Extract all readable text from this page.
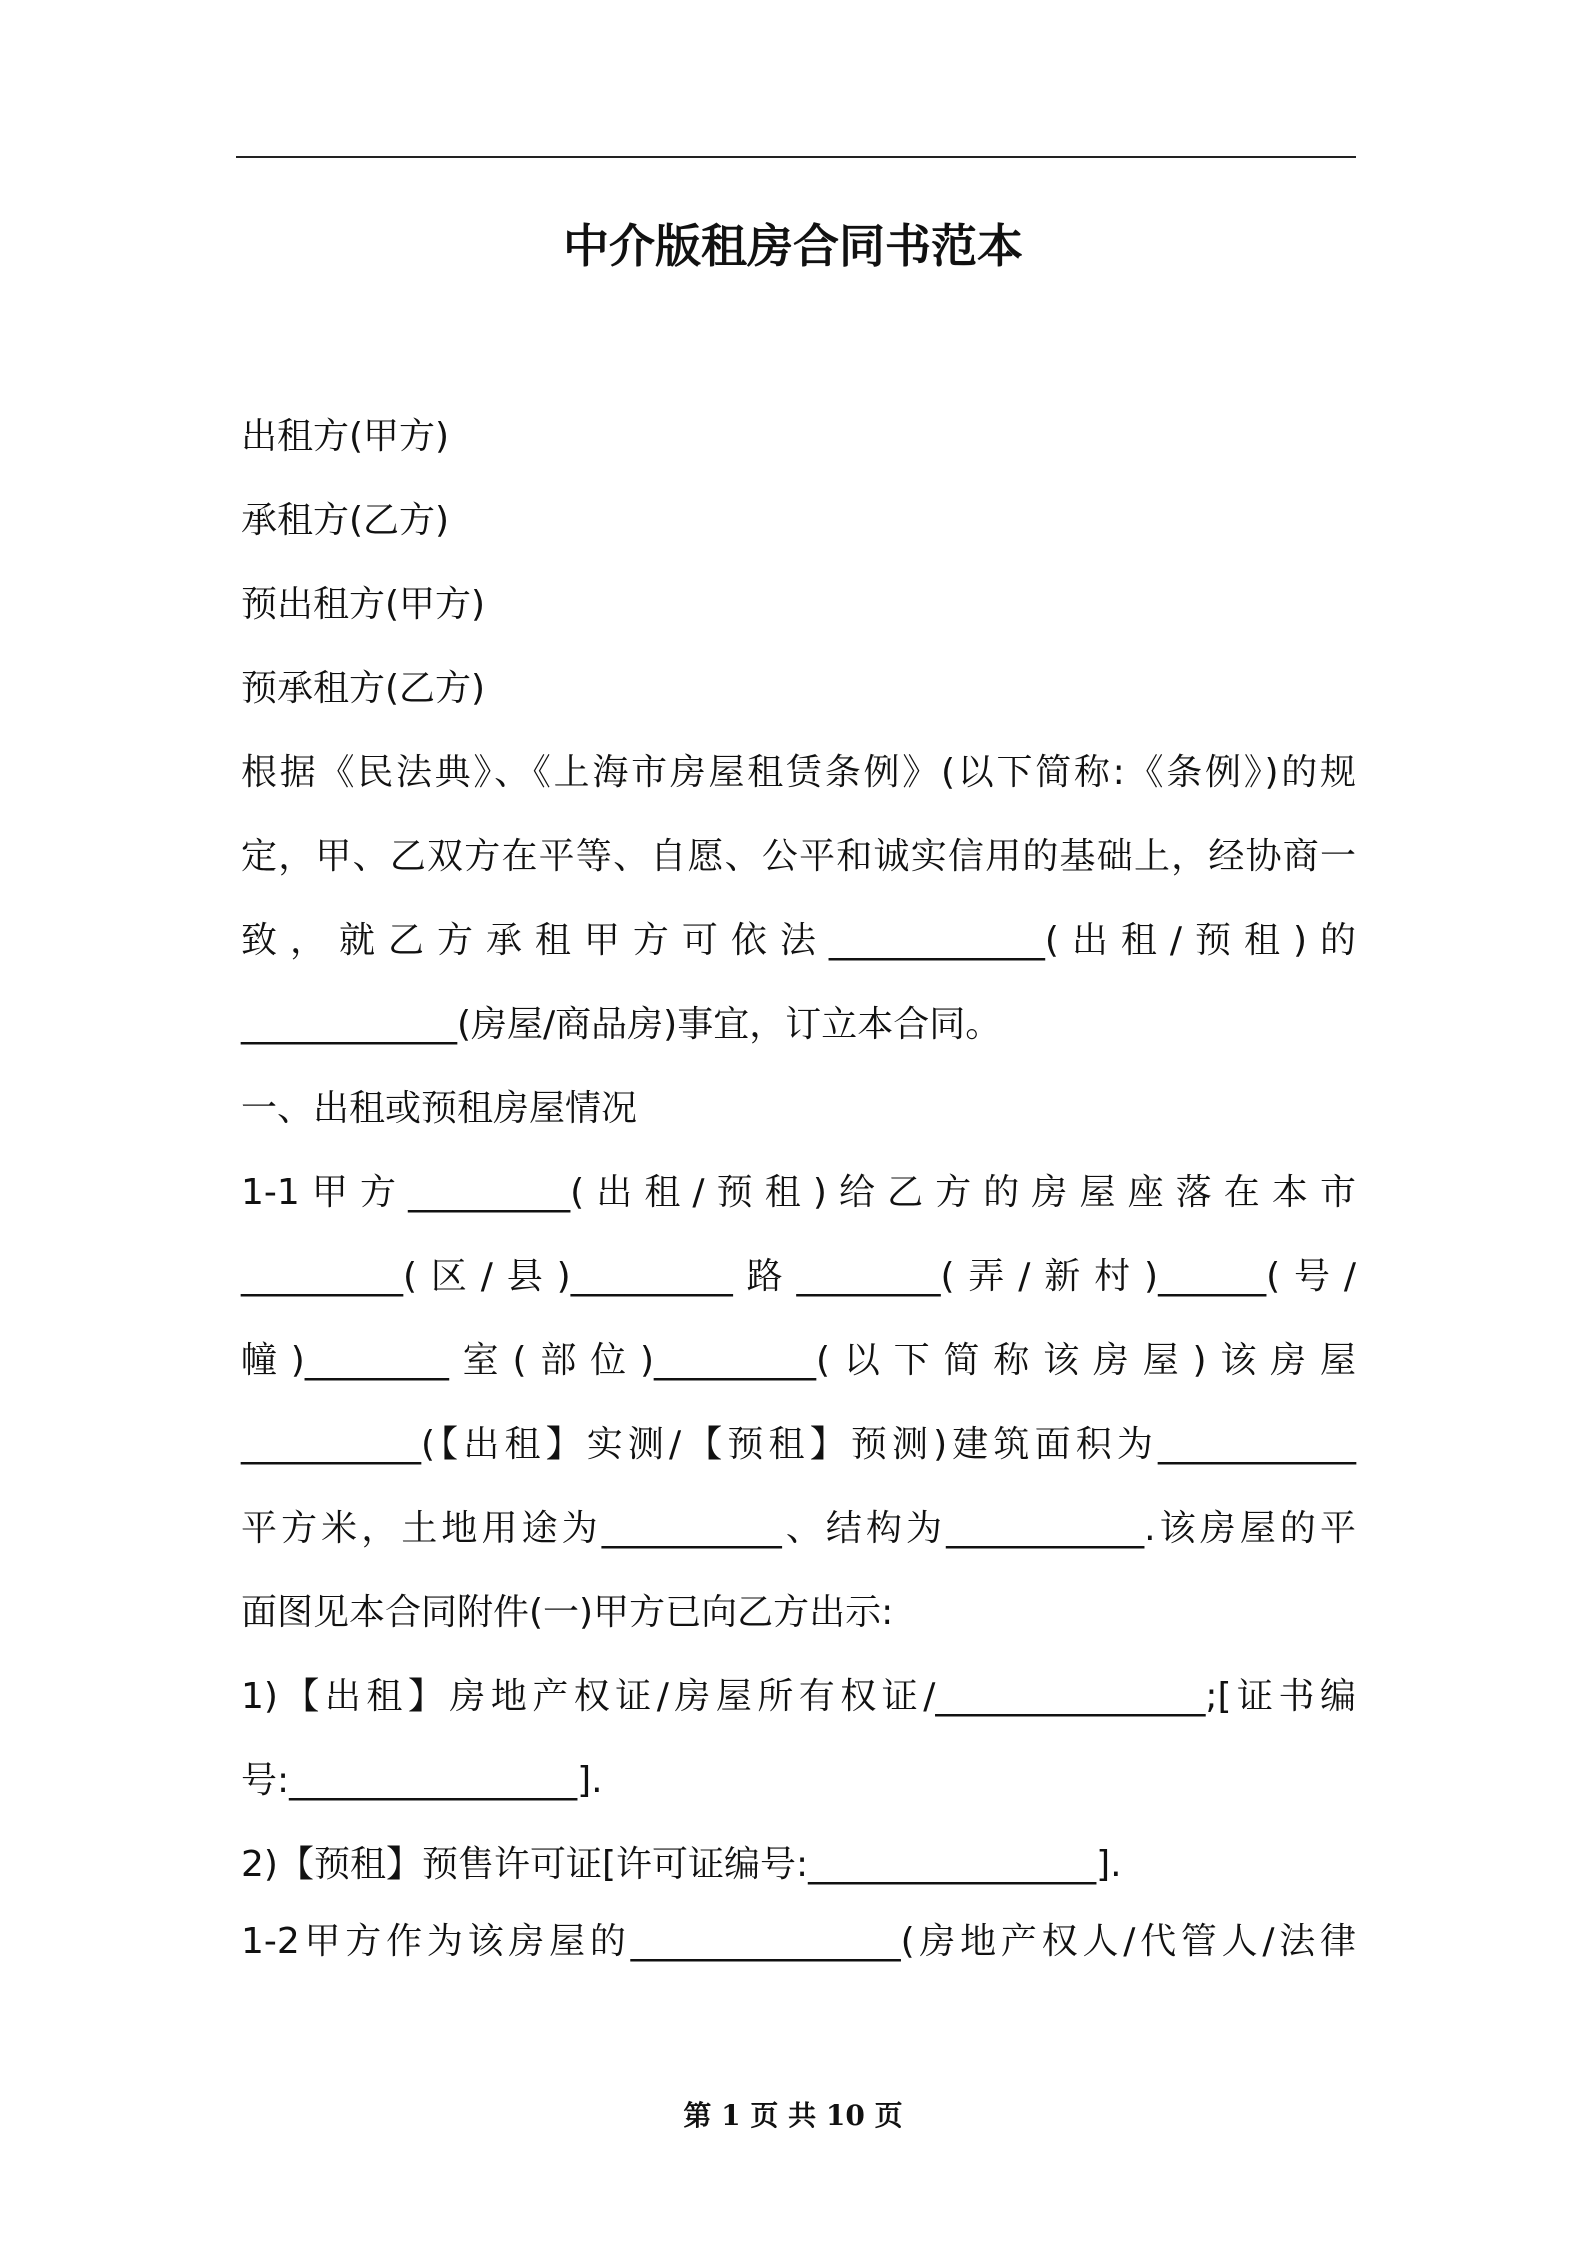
中介版租房合同书范本
出租方(甲方)
承租方(乙方)
预出租方(甲方)
预承租方(乙方)
根据《民法典》、《上海市房屋租赁条例》(以下简称:《条例》)的规
定，甲、乙双方在平等、自愿、公平和诚实信用的基础上，经协商一
致，就乙方承租甲方可依法____________(出租/预租)的
____________(房屋/商品房)事宜，订立本合同。
一、出租或预租房屋情况
1-1甲方_________(出租/预租)给乙方的房屋座落在本市
_________(区/县)_________路________(弄/新村)______(号/
幢)________室(部位)_________(以下简称该房屋)该房屋
__________(【出租】实测/【预租】预测)建筑面积为___________
平方米，土地用途为__________、结构为___________.该房屋的平
面图见本合同附件(一)甲方已向乙方出示:
1)【出租】房地产权证/房屋所有权证/_______________;[证书编
号:________________].
2)【预租】预售许可证[许可证编号:________________].
1-2甲方作为该房屋的_______________(房地产权人/代管人/法律
第 1 页 共 10 页
